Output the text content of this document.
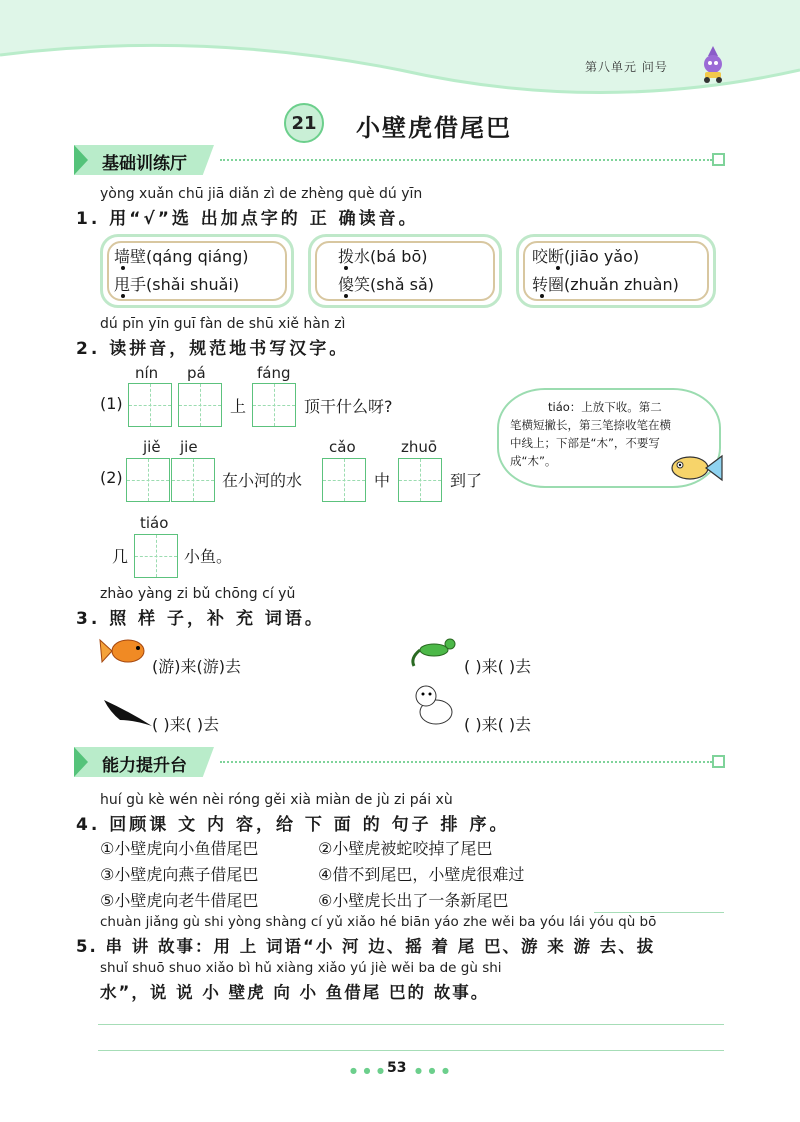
第八单元 问号
21	小壁虎借尾巴
基础训练厅
yòng xuǎn chū jiā diǎn zì de zhèng què dú yīn
1. 用“√”选 出加点字的 正 确读音。
墙壁(qáng qiáng)
甩手(shǎi shuǎi)
拨水(bá bō)
傻笑(shǎ sǎ)
咬断(jiāo yǎo)
转圈(zhuǎn zhuàn)
dú pīn yīn guī fàn de shū xiě hàn zì
2. 读拼音，规范地书写汉字。
nín pá	fáng
(1)	上	顶干什么呀?	tiáo：上放下收。第二
笔横短撇长，第三笔捺收笔在横
中线上；下部是“木”，不要写
成“木”。
jiě jie	cǎo	zhuō
(2)	在小河的水	中	到了
tiáo
几	小鱼。
zhào yàng zi bǔ chōng cí yǔ
3. 照 样 子，补 充 词语。
(游)来(游)去	( )来( )去
( )来( )去	( )来( )去
能力提升台
huí gù kè wén nèi róng gěi xià miàn de jù zi pái xù
4. 回顾课 文 内 容，给 下 面 的 句子 排 序。
①小壁虎向小鱼借尾巴	②小壁虎被蛇咬掉了尾巴
③小壁虎向燕子借尾巴	④借不到尾巴，小壁虎很难过
⑤小壁虎向老牛借尾巴	⑥小壁虎长出了一条新尾巴
chuàn jiǎng gù shi yòng shàng cí yǔ xiǎo hé biān yáo zhe wěi ba yóu lái yóu qù bō
5. 串 讲 故事：用 上 词语“小 河 边、摇 着 尾 巴、游 来 游 去、拔
shuǐ shuō shuo xiǎo bì hǔ xiàng xiǎo yú jiè wěi ba de gù shi
水”，说 说 小 壁虎 向 小 鱼借尾 巴的 故事。
● ● ● 53 ● ● ●
